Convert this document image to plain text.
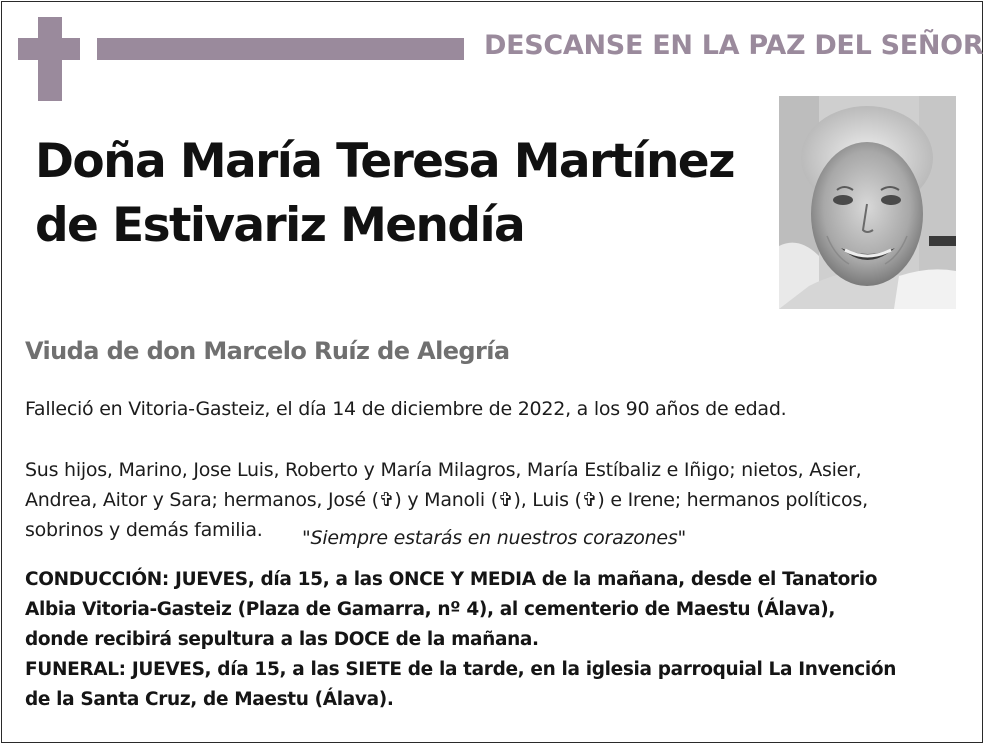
DESCANSE EN LA PAZ DEL SEÑOR
Doña María Teresa Martínez
de Estivariz Mendía
Viuda de don Marcelo Ruíz de Alegría
Falleció en Vitoria-Gasteiz, el día 14 de diciembre de 2022, a los 90 años de edad.
Sus hijos, Marino, Jose Luis, Roberto y María Milagros, María Estíbaliz e Iñigo; nietos, Asier,
Andrea, Aitor y Sara; hermanos, José (✞) y Manoli (✞), Luis (✞) e Irene; hermanos políticos,
sobrinos y demás familia.	"Siempre estarás en nuestros corazones"
CONDUCCIÓN: JUEVES, día 15, a las ONCE Y MEDIA de la mañana, desde el Tanatorio
Albia Vitoria-Gasteiz (Plaza de Gamarra, nº 4), al cementerio de Maestu (Álava),
donde recibirá sepultura a las DOCE de la mañana.
FUNERAL: JUEVES, día 15, a las SIETE de la tarde, en la iglesia parroquial La Invención
de la Santa Cruz, de Maestu (Álava).
